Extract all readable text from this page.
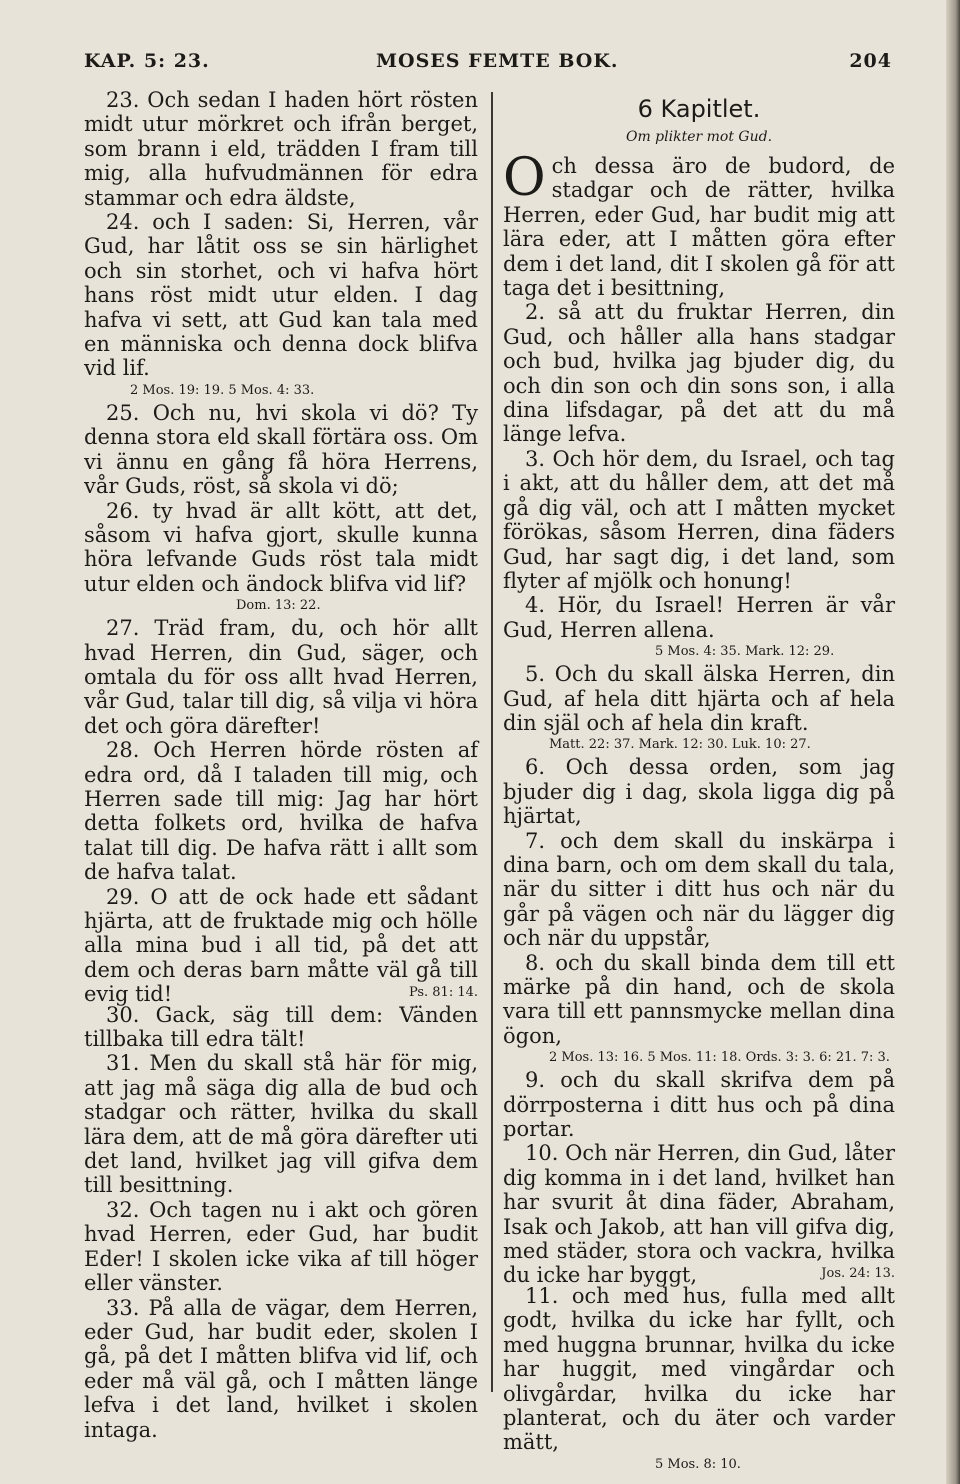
KAP. 5: 23.	MOSES FEMTE BOK.	204

23. Och sedan I haden hört rösten midt utur mörkret och ifrån berget, som brann i eld, trädden I fram till mig, alla hufvudmännen för edra stammar och edra äldste,

24. och I saden: Si, Herren, vår Gud, har låtit oss se sin härlighet och sin storhet, och vi hafva hört hans röst midt utur elden. I dag hafva vi sett, att Gud kan tala med en människa och denna dock blifva vid lif.

2 Mos. 19: 19. 5 Mos. 4: 33.

25. Och nu, hvi skola vi dö? Ty denna stora eld skall förtära oss. Om vi ännu en gång få höra Herrens, vår Guds, röst, så skola vi dö;

26. ty hvad är allt kött, att det, såsom vi hafva gjort, skulle kunna höra lefvande Guds röst tala midt utur elden och ändock blifva vid lif?

Dom. 13: 22.

27. Träd fram, du, och hör allt hvad Herren, din Gud, säger, och omtala du för oss allt hvad Herren, vår Gud, talar till dig, så vilja vi höra det och göra därefter!

28. Och Herren hörde rösten af edra ord, då I taladen till mig, och Herren sade till mig: Jag har hört detta folkets ord, hvilka de hafva talat till dig. De hafva rätt i allt som de hafva talat.

29. O att de ock hade ett sådant hjärta, att de fruktade mig och hölle alla mina bud i all tid, på det att dem och deras barn måtte väl gå till evig tid!	Ps. 81: 14.

30. Gack, säg till dem: Vänden tillbaka till edra tält!

31. Men du skall stå här för mig, att jag må säga dig alla de bud och stadgar och rätter, hvilka du skall lära dem, att de må göra därefter uti det land, hvilket jag vill gifva dem till besittning.

32. Och tagen nu i akt och gören hvad Herren, eder Gud, har budit Eder! I skolen icke vika af till höger eller vänster.

33. På alla de vägar, dem Herren, eder Gud, har budit eder, skolen I gå, på det I måtten blifva vid lif, och eder må väl gå, och I måtten länge lefva i det land, hvilket i skolen intaga.

6 Kapitlet.
Om plikter mot Gud.

Och dessa äro de budord, de stadgar och de rätter, hvilka Herren, eder Gud, har budit mig att lära eder, att I måtten göra efter dem i det land, dit I skolen gå för att taga det i besittning,

2. så att du fruktar Herren, din Gud, och håller alla hans stadgar och bud, hvilka jag bjuder dig, du och din son och din sons son, i alla dina lifsdagar, på det att du må länge lefva.

3. Och hör dem, du Israel, och tag i akt, att du håller dem, att det må gå dig väl, och att I måtten mycket förökas, såsom Herren, dina fäders Gud, har sagt dig, i det land, som flyter af mjölk och honung!

4. Hör, du Israel! Herren är vår Gud, Herren allena.

5 Mos. 4: 35. Mark. 12: 29.

5. Och du skall älska Herren, din Gud, af hela ditt hjärta och af hela din själ och af hela din kraft.

Matt. 22: 37. Mark. 12: 30. Luk. 10: 27.

6. Och dessa orden, som jag bjuder dig i dag, skola ligga dig på hjärtat,

7. och dem skall du inskärpa i dina barn, och om dem skall du tala, när du sitter i ditt hus och när du går på vägen och när du lägger dig och när du uppstår,

8. och du skall binda dem till ett märke på din hand, och de skola vara till ett pannsmycke mellan dina ögon,

2 Mos. 13: 16. 5 Mos. 11: 18. Ords. 3: 3. 6: 21. 7: 3.

9. och du skall skrifva dem på dörrposterna i ditt hus och på dina portar.

10. Och när Herren, din Gud, låter dig komma in i det land, hvilket han har svurit åt dina fäder, Abraham, Isak och Jakob, att han vill gifva dig, med städer, stora och vackra, hvilka du icke har byggt,	Jos. 24: 13.

11. och med hus, fulla med allt godt, hvilka du icke har fyllt, och med huggna brunnar, hvilka du icke har huggit, med vingårdar och olivgårdar, hvilka du icke har planterat, och du äter och varder mätt,

5 Mos. 8: 10.
